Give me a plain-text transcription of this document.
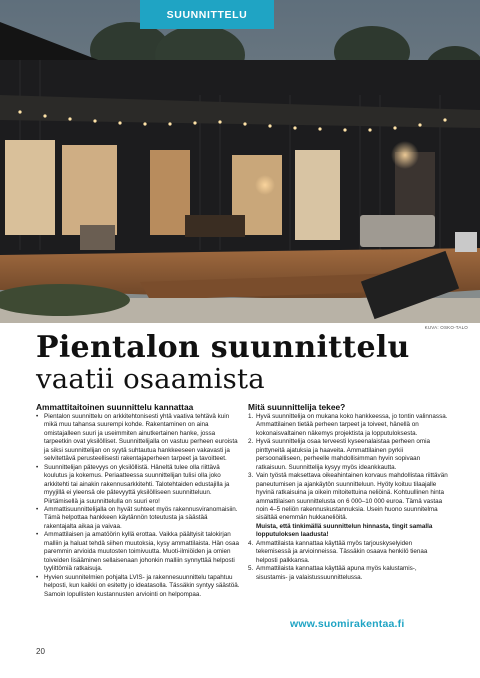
SUUNNITTELU
KUVA: OSKO-TALO
Pientalon suunnittelu
vaatii osaamista
Ammattitaitoinen suunnittelu kannattaa
• Pientalon suunnittelu on arkkitehtonisesti yhtä vaativa tehtävä kuin mikä muu tahansa suurempi kohde. Rakentaminen on aina omistajalleen suuri ja useimmiten ainutkertainen hanke, jossa tarpeetkin ovat yksilölliset. Suunnittelijalla on vastuu perheen euroista ja siksi suunnittelijan on syytä suhtautua hankkeeseen vakavasti ja selvitettävä perusteellisesti rakentajaperheen tarpeet ja tavoitteet.
• Suunnittelijan pätevyys on yksilöllistä. Häneltä tulee olla riittävä koulutus ja kokemus. Periaatteessa suunnittelijan tulisi olla joko arkkitehti tai ainakin rakennusarkkitehti. Talotehtaiden edustajilla ja myyjillä ei yleensä ole pätevyyttä yksilölliseen suunnitteluun. Piirtämisellä ja suunnittelulla on suuri ero!
• Ammattisuunnittelijalla on hyvät suhteet myös rakennusviranomaisiin. Tämä helpottaa hankkeen käytännön toteutusta ja säästää rakentajalta aikaa ja vaivaa.
• Ammattilaisen ja amatöörin kyllä erottaa. Vaikka päältyisit talokirjan malliin ja haluat tehdä siihen muutoksia, kysy ammattilaista. Hän osaa paremmin arvioida muutosten toimivuutta. Muoti-ilmiöiden ja omien toiveiden lisääminen sellaisenaan johonkin malliin synnyttää helposti tyylittömiä ratkaisuja.
• Hyvien suunnitelmien pohjalta LVIS- ja rakennesuunnittelu tapahtuu helposti, kun kaikki on esitetty jo ideatasolla. Tässäkin syntyy säästöä. Samoin lopullisten kustannusten arviointi on helpompaa.
Mitä suunnittelija tekee?
1. Hyvä suunnittelija on mukana koko hankkeessa, jo tontin valinnassa. Ammattilainen tietää perheen tarpeet ja toiveet, hänellä on kokonaisvaltainen näkemys projektista ja lopputuloksesta.
2. Hyvä suunnittelija osaa terveesti kyseenalaistaa perheen omia pinttyneitä ajatuksia ja haaveita. Ammattilainen pyrkii persoonalliseen, perheelle mahdollisimman hyvin sopivaan ratkaisuun. Suunnittelija kysyy myös ideankkautta.
3. Vain työstä maksettava oikeahintainen korvaus mahdollistaa riittävän paneutumisen ja ajankäytön suunnitteluun. Hyöty koituu tilaajalle hyvinä ratkaisuina ja oikein mitoitettuina neliöinä. Kohtuullinen hinta ammattilaisen suunnittelusta on 6 000–10 000 euroa. Tämä vastaa noin 4–5 neliön rakennuskustannuksia. Usein huono suunnitelma sisältää enemmän hukkaneliöitä.

Muista, että tinkimällä suunnittelun hinnasta, tingit samalla lopputuloksen laadusta!

4. Ammattilaista kannattaa käyttää myös tarjouskyselyiden tekemisessä ja arvioinneissa. Tässäkin osaava henkilö tienaa helposti palkkansa.
5. Ammattilaista kannattaa käyttää apuna myös kalustamis-, sisustamis- ja valaistussuunnittelussa.
www.suomirakentaa.fi
20
